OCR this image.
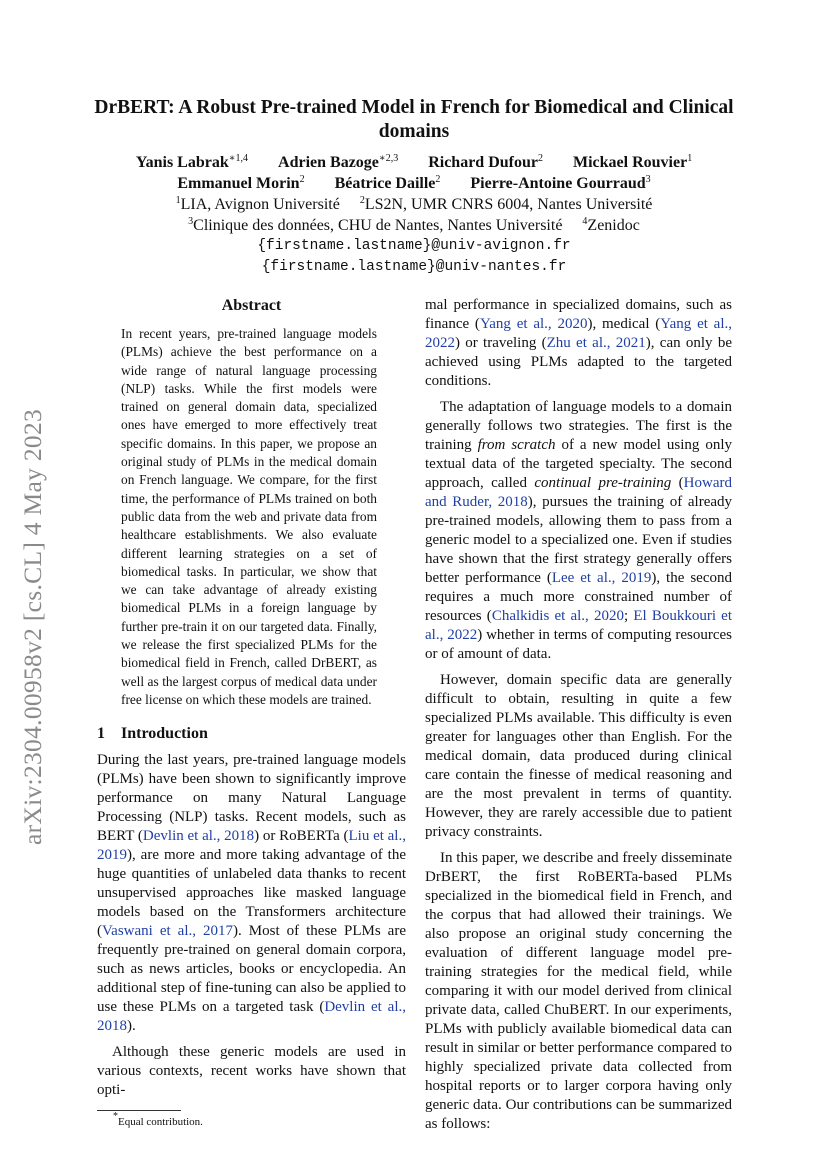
arXiv:2304.00958v2 [cs.CL] 4 May 2023
DrBERT: A Robust Pre-trained Model in French for Biomedical and Clinical domains
Yanis Labrak$^{∗1,4}$ Adrien Bazoge$^{∗2,3}$ Richard Dufour$^2$ Mickael Rouvier$^1$
Emmanuel Morin$^2$ Béatrice Daille$^2$ Pierre-Antoine Gourraud$^3$
$^1$LIA, Avignon Université $^2$LS2N, UMR CNRS 6004, Nantes Université
$^3$Clinique des données, CHU de Nantes, Nantes Université $^4$Zenidoc
{firstname.lastname}@univ-avignon.fr
{firstname.lastname}@univ-nantes.fr
Abstract
In recent years, pre-trained language models (PLMs) achieve the best performance on a wide range of natural language processing (NLP) tasks. While the first models were trained on general domain data, specialized ones have emerged to more effectively treat specific domains. In this paper, we propose an original study of PLMs in the medical domain on French language. We compare, for the first time, the performance of PLMs trained on both public data from the web and private data from healthcare establishments. We also evaluate different learning strategies on a set of biomedical tasks. In particular, we show that we can take advantage of already existing biomedical PLMs in a foreign language by further pre-train it on our targeted data. Finally, we release the first specialized PLMs for the biomedical field in French, called DrBERT, as well as the largest corpus of medical data under free license on which these models are trained.
1 Introduction

During the last years, pre-trained language models (PLMs) have been shown to significantly improve performance on many Natural Language Processing (NLP) tasks. Recent models, such as BERT (Devlin et al., 2018) or RoBERTa (Liu et al., 2019), are more and more taking advantage of the huge quantities of unlabeled data thanks to recent unsupervised approaches like masked language models based on the Transformers architecture (Vaswani et al., 2017). Most of these PLMs are frequently pre-trained on general domain corpora, such as news articles, books or encyclopedia. An additional step of fine-tuning can also be applied to use these PLMs on a targeted task (Devlin et al., 2018).

Although these generic models are used in various contexts, recent works have shown that opti-

*Equal contribution.

mal performance in specialized domains, such as finance (Yang et al., 2020), medical (Yang et al., 2022) or traveling (Zhu et al., 2021), can only be achieved using PLMs adapted to the targeted conditions.

The adaptation of language models to a domain generally follows two strategies. The first is the training from scratch of a new model using only textual data of the targeted specialty. The second approach, called continual pre-training (Howard and Ruder, 2018), pursues the training of already pre-trained models, allowing them to pass from a generic model to a specialized one. Even if studies have shown that the first strategy generally offers better performance (Lee et al., 2019), the second requires a much more constrained number of resources (Chalkidis et al., 2020; El Boukkouri et al., 2022) whether in terms of computing resources or of amount of data.

However, domain specific data are generally difficult to obtain, resulting in quite a few specialized PLMs available. This difficulty is even greater for languages other than English. For the medical domain, data produced during clinical care contain the finesse of medical reasoning and are the most prevalent in terms of quantity. However, they are rarely accessible due to patient privacy constraints.

In this paper, we describe and freely disseminate DrBERT, the first RoBERTa-based PLMs specialized in the biomedical field in French, and the corpus that had allowed their trainings. We also propose an original study concerning the evaluation of different language model pre-training strategies for the medical field, while comparing it with our model derived from clinical private data, called ChuBERT. In our experiments, PLMs with publicly available biomedical data can result in similar or better performance compared to highly specialized private data collected from hospital reports or to larger corpora having only generic data. Our contributions can be summarized as follows:
